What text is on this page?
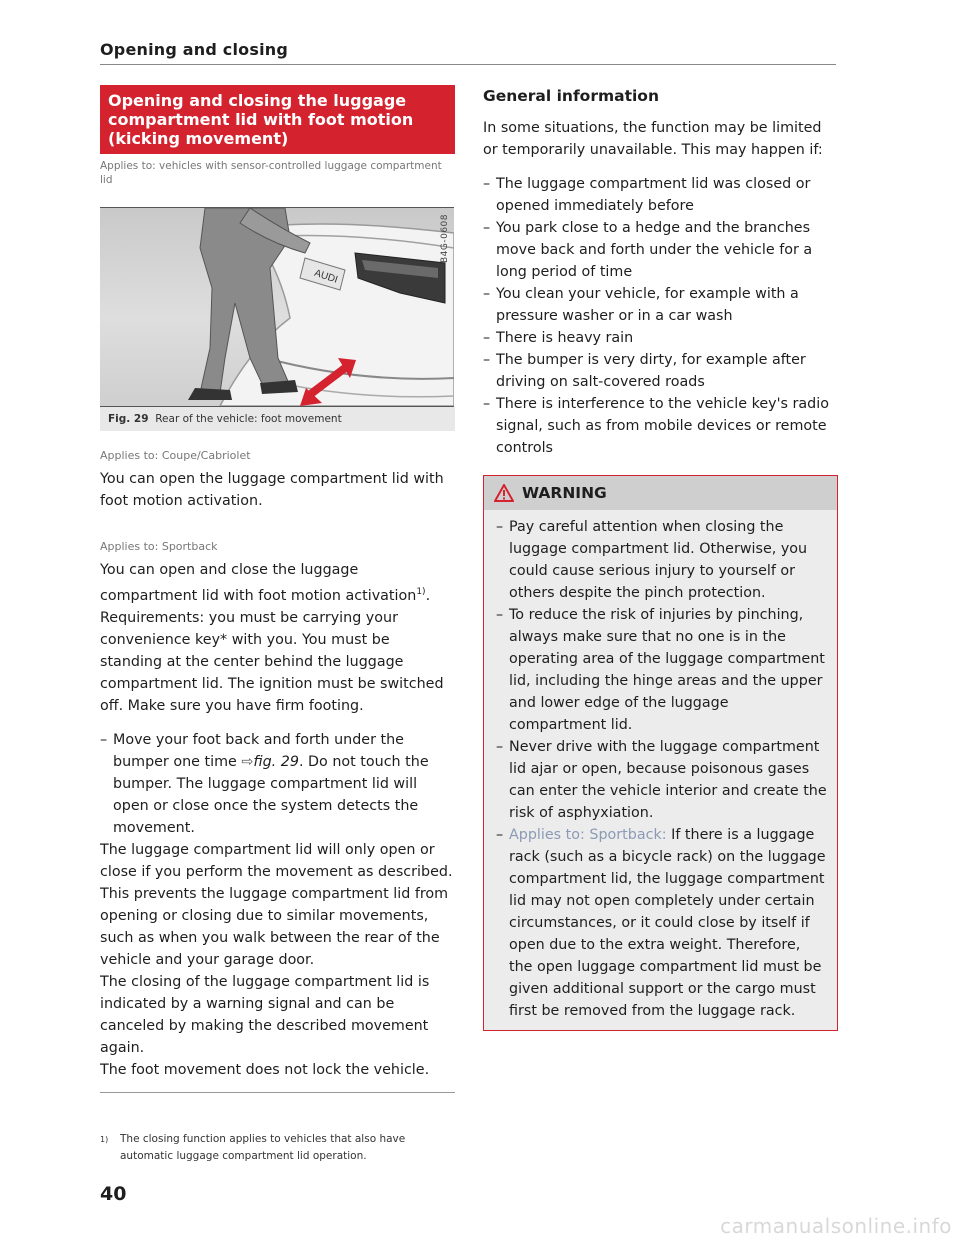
Opening and closing
Opening and closing the luggage compartment lid with foot motion (kicking movement)
Applies to: vehicles with sensor-controlled luggage compartment lid
AUDI
B4G-0608
Fig. 29 Rear of the vehicle: foot movement
Applies to: Coupe/Cabriolet

You can open the luggage compartment lid with foot motion activation.

Applies to: Sportback

You can open and close the luggage compartment lid with foot motion activation$^{1)}$.

Requirements: you must be carrying your convenience key* with you. You must be standing at the center behind the luggage compartment lid. The ignition must be switched off. Make sure you have firm footing.

– Move your foot back and forth under the bumper one time ⇨fig. 29. Do not touch the bumper. The luggage compartment lid will open or close once the system detects the movement.

The luggage compartment lid will only open or close if you perform the movement as described. This prevents the luggage compartment lid from opening or closing due to similar movements, such as when you walk between the rear of the vehicle and your garage door.

The closing of the luggage compartment lid is indicated by a warning signal and can be canceled by making the described movement again.

The foot movement does not lock the vehicle.

1) The closing function applies to vehicles that also have automatic luggage compartment lid operation.
40
General information

In some situations, the function may be limited or temporarily unavailable. This may happen if:

– The luggage compartment lid was closed or opened immediately before
– You park close to a hedge and the branches move back and forth under the vehicle for a long period of time
– You clean your vehicle, for example with a pressure washer or in a car wash
– There is heavy rain
– The bumper is very dirty, for example after driving on salt-covered roads
– There is interference to the vehicle key's radio signal, such as from mobile devices or remote controls
WARNING
– Pay careful attention when closing the luggage compartment lid. Otherwise, you could cause serious injury to yourself or others despite the pinch protection.
– To reduce the risk of injuries by pinching, always make sure that no one is in the operating area of the luggage compartment lid, including the hinge areas and the upper and lower edge of the luggage compartment lid.
– Never drive with the luggage compartment lid ajar or open, because poisonous gases can enter the vehicle interior and create the risk of asphyxiation.
– Applies to: Sportback: If there is a luggage rack (such as a bicycle rack) on the luggage compartment lid, the luggage compartment lid may not open completely under certain circumstances, or it could close by itself if open due to the extra weight. Therefore, the open luggage compartment lid must be given additional support or the cargo must first be removed from the luggage rack.
carmanualsonline.info
